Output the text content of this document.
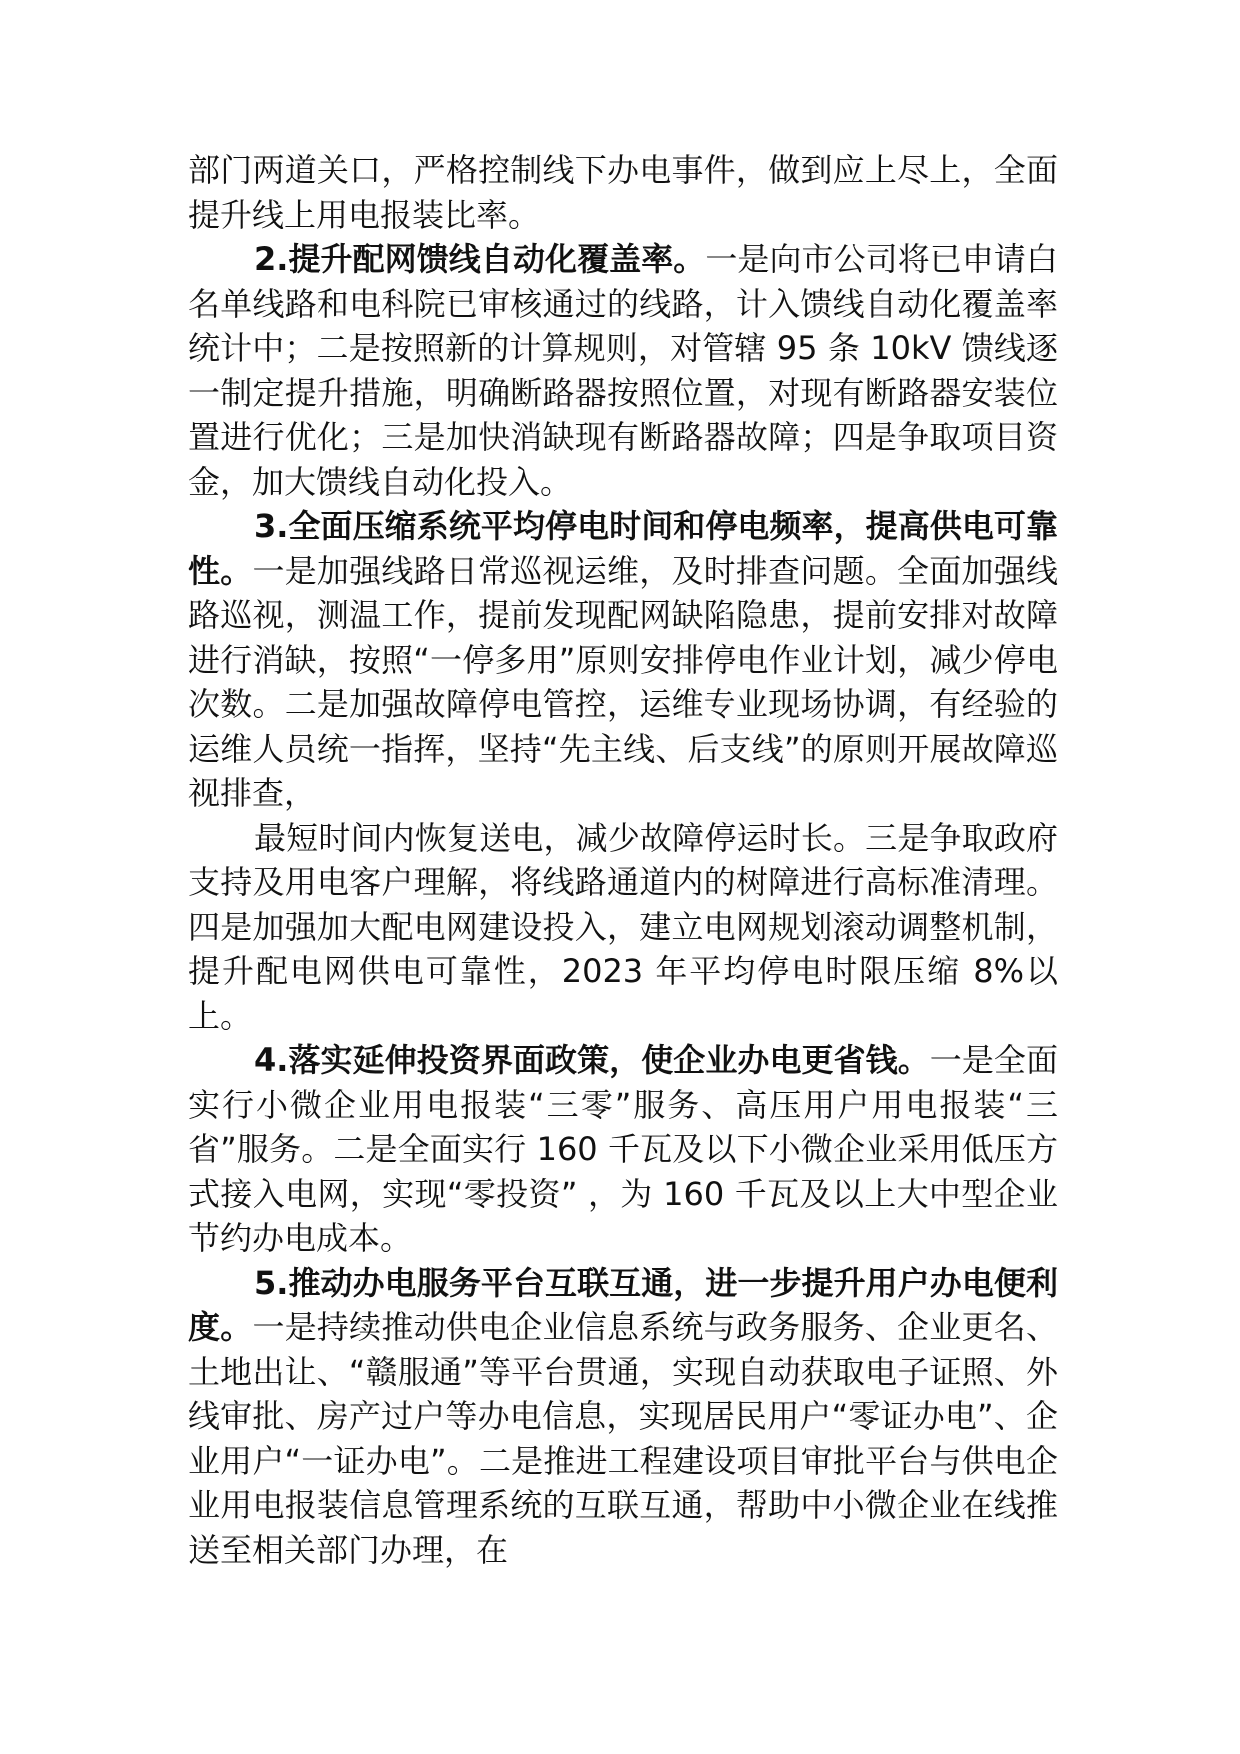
部门两道关口，严格控制线下办电事件，做到应上尽上，全面提升线上用电报装比率。

2.提升配网馈线自动化覆盖率。一是向市公司将已申请白名单线路和电科院已审核通过的线路，计入馈线自动化覆盖率统计中；二是按照新的计算规则，对管辖 95 条 10kV 馈线逐一制定提升措施，明确断路器按照位置，对现有断路器安装位置进行优化；三是加快消缺现有断路器故障；四是争取项目资金，加大馈线自动化投入。

3.全面压缩系统平均停电时间和停电频率，提高供电可靠性。一是加强线路日常巡视运维，及时排查问题。全面加强线路巡视，测温工作，提前发现配网缺陷隐患，提前安排对故障进行消缺，按照“一停多用”原则安排停电作业计划，减少停电次数。二是加强故障停电管控，运维专业现场协调，有经验的运维人员统一指挥，坚持“先主线、后支线”的原则开展故障巡视排查，

最短时间内恢复送电，减少故障停运时长。三是争取政府支持及用电客户理解，将线路通道内的树障进行高标准清理。四是加强加大配电网建设投入，建立电网规划滚动调整机制，提升配电网供电可靠性，2023 年平均停电时限压缩 8%以上。

4.落实延伸投资界面政策，使企业办电更省钱。一是全面实行小微企业用电报装“三零”服务、高压用户用电报装“三省”服务。二是全面实行 160 千瓦及以下小微企业采用低压方式接入电网，实现“零投资” ，为 160 千瓦及以上大中型企业节约办电成本。

5.推动办电服务平台互联互通，进一步提升用户办电便利度。一是持续推动供电企业信息系统与政务服务、企业更名、土地出让、“赣服通”等平台贯通，实现自动获取电子证照、外线审批、房产过户等办电信息，实现居民用户“零证办电”、企业用户“一证办电”。二是推进工程建设项目审批平台与供电企业用电报装信息管理系统的互联互通，帮助中小微企业在线推送至相关部门办理，在
